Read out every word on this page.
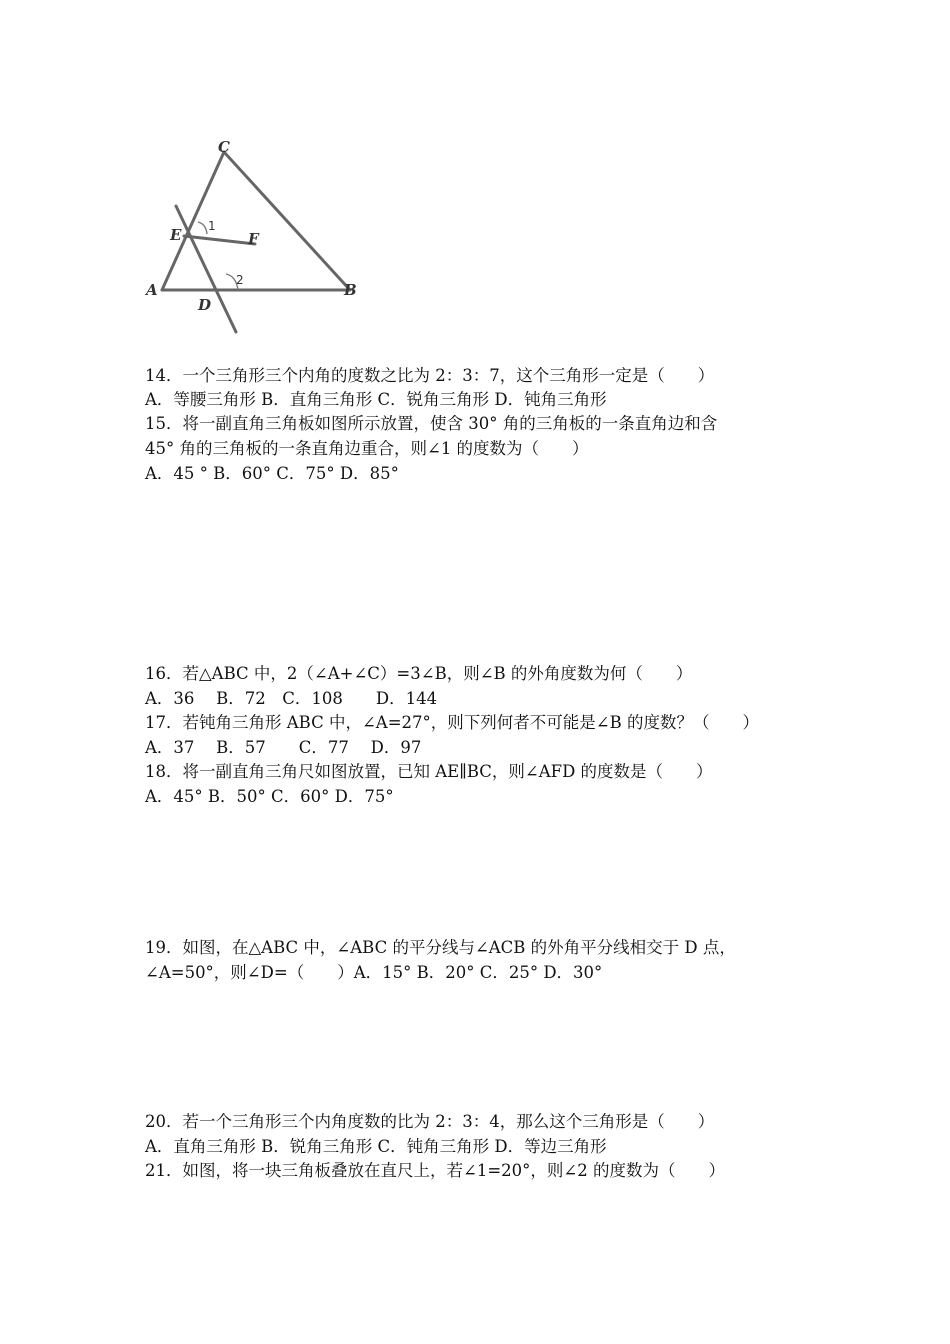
C
E	F
A
D
B
1
2
14．一个三角形三个内角的度数之比为 2：3：7，这个三角形一定是（　　）
A．等腰三角形 B．直角三角形 C．锐角三角形 D．钝角三角形
15．将一副直角三角板如图所示放置，使含 30° 角的三角板的一条直角边和含
45° 角的三角板的一条直角边重合，则∠1 的度数为（　　）
A．45 ° B．60° C．75° D．85°
16．若△ABC 中，2（∠A+∠C）=3∠B，则∠B 的外角度数为何（　　）
A．36　 B．72　C．108　　D．144
17．若钝角三角形 ABC 中，∠A=27°，则下列何者不可能是∠B 的度数？（　　）
A．37　 B．57　　C．77　 D．97
18．将一副直角三角尺如图放置，已知 AE∥BC，则∠AFD 的度数是（　　）
A．45° B．50° C．60° D．75°
19．如图，在△ABC 中，∠ABC 的平分线与∠ACB 的外角平分线相交于 D 点，
∠A=50°，则∠D=（　　）A．15° B．20° C．25° D．30°
20．若一个三角形三个内角度数的比为 2：3：4，那么这个三角形是（　　）
A．直角三角形 B．锐角三角形 C．钝角三角形 D．等边三角形
21．如图，将一块三角板叠放在直尺上，若∠1=20°，则∠2 的度数为（　　）
